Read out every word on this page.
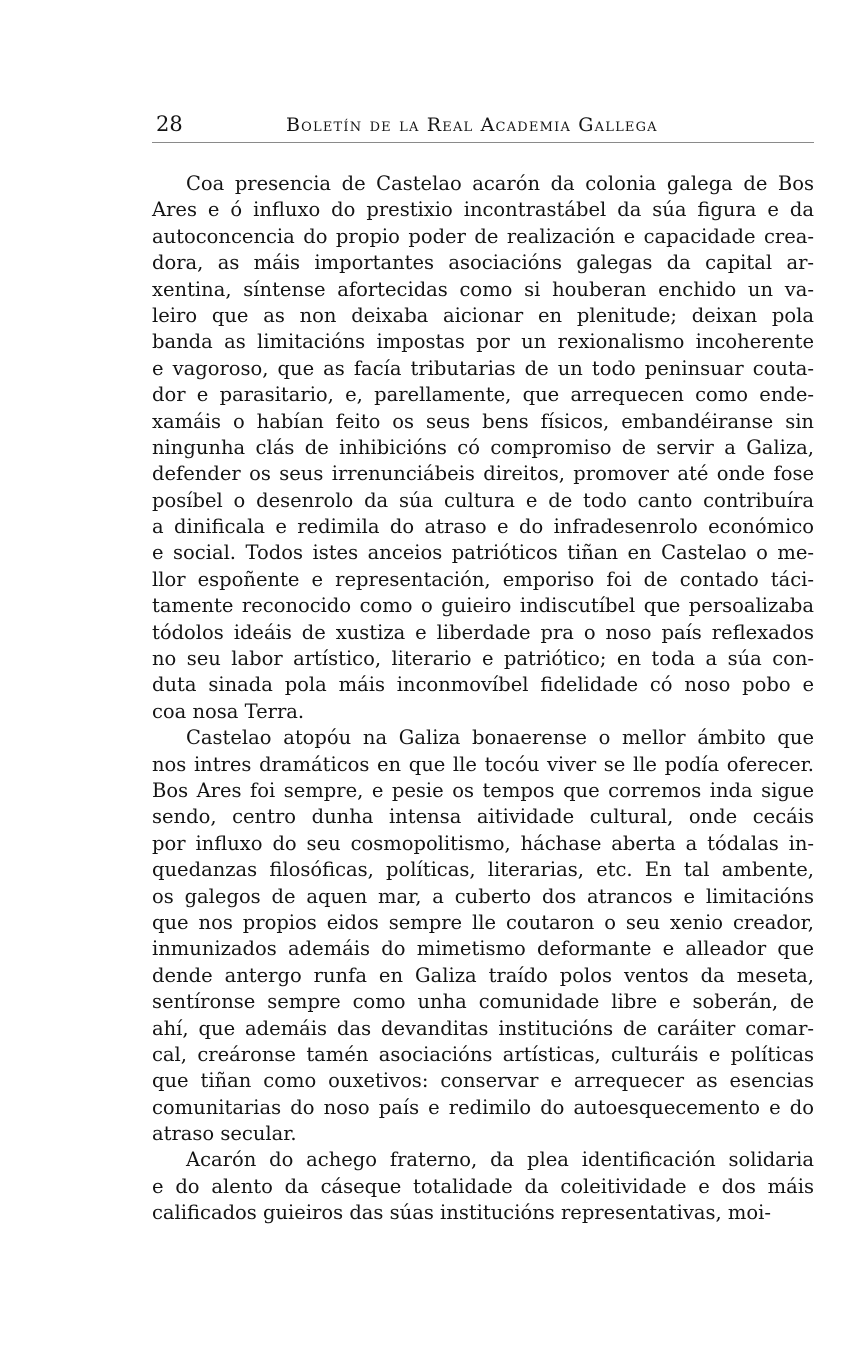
28	Boletín de la Real Academia Gallega
Coa presencia de Castelao acarón da colonia galega de Bos
Ares e ó influxo do prestixio incontrastábel da súa figura e da
autoconcencia do propio poder de realización e capacidade crea-
dora, as máis importantes asociacións galegas da capital ar-
xentina, síntense afortecidas como si houberan enchido un va-
leiro que as non deixaba aicionar en plenitude; deixan pola
banda as limitacións impostas por un rexionalismo incoherente
e vagoroso, que as facía tributarias de un todo peninsuar coutа-
dor e parasitario, e, parellamente, que arrequecen como ende-
xamáis o habían feito os seus bens físicos, embandéiranse sin
ningunha clás de inhibicións có compromiso de servir a Galiza,
defender os seus irrenunciábeis direitos, promover até onde fose
posíbel o desenrolo da súa cultura e de todo canto contribuíra
a dinificala e redimila do atraso e do infradesenrolo económico
e social. Todos istes anceios patrióticos tiñan en Castelao o me-
llor espoñente e representación, emporiso foi de contado táci-
tamente reconocido como o guieiro indiscutíbel que persoalizaba
tódolos ideáis de xustiza e liberdade pra o noso país reflexados
no seu labor artístico, literario e patriótico; en toda a súa con-
duta sinada pola máis inconmovíbel fidelidade có noso pobo e
coa nosa Terra.
Castelao atopóu na Galiza bonaerense o mellor ámbito que
nos intres dramáticos en que lle tocóu viver se lle podía oferecer.
Bos Ares foi sempre, e pesie os tempos que corremos inda sigue
sendo, centro dunha intensa aitividade cultural, onde cecáis
por influxo do seu cosmopolitismo, háchase aberta a tódalas in-
quedanzas filosóficas, políticas, literarias, etc. En tal ambente,
os galegos de aquen mar, a cuberto dos atrancos e limitacións
que nos propios eidos sempre lle coutaron o seu xenio creador,
inmunizados ademáis do mimetismo deformante e alleador que
dende antergo runfa en Galiza traído polos ventos da meseta,
sentíronse sempre como unha comunidade libre e soberán, de
ahí, que ademáis das devanditas institucións de caráiter comar-
cal, creáronse tamén asociacións artísticas, culturáis e políticas
que tiñan como ouxetivos: conservar e arrequecer as esencias
comunitarias do noso país e redimilo do autoesquecemento e do
atraso secular.
Acarón do achego fraterno, da plea identificación solidaria
e do alento da cáseque totalidade da coleitividade e dos máis
calificados guieiros das súas institucións representativas, moi-
